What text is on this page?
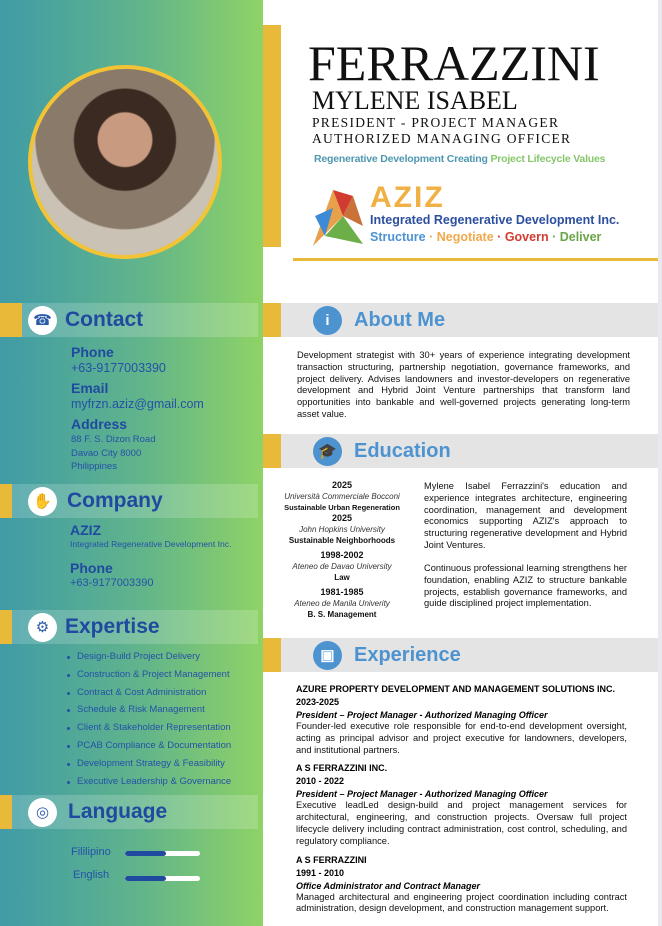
☎ Contact
Phone
+63-9177003390
Email
myfrzn.aziz@gmail.com
Address
88 F. S. Dizon Road
Davao City 8000
Philippines
✋ Company
AZIZ
Integrated Regenerative Development Inc.
Phone
+63-9177003390
⚙ Expertise
Design-Build Project Delivery
Construction & Project Management
Contract & Cost Administration
Schedule & Risk Management
Client & Stakeholder Representation
PCAB Compliance & Documentation
Development Strategy & Feasibility
Executive Leadership & Governance
◎ Language
Fililipino
English
FERRAZZINI
MYLENE ISABEL
PRESIDENT - PROJECT MANAGER
AUTHORIZED MANAGING OFFICER
Regenerative Development Creating Project Lifecycle Values
AZIZ
Integrated Regenerative Development Inc.
Structure · Negotiate · Govern · Deliver
i	About Me
Development strategist with 30+ years of experience integrating development transaction structuring, partnership negotiation, governance frameworks, and project delivery. Advises landowners and investor-developers on regenerative development and Hybrid Joint Venture partnerships that transform land opportunities into bankable and well-governed projects generating long-term asset value.
🎓 Education
2025
Università Commerciale Bocconi
Sustainable Urban Regeneration
2025
John Hopkins University
Sustainable Neighborhoods
1998-2002
Ateneo de Davao University
Law
1981-1985
Ateneo de Manila Univerity
B. S. Management
Mylene Isabel Ferrazzini's education and experience integrates architecture, engineering coordination, management and development economics supporting AZIZ's approach to structuring regenerative development and Hybrid Joint Ventures.
Continuous professional learning strengthens her foundation, enabling AZIZ to structure bankable projects, establish governance frameworks, and guide disciplined project implementation.
▣ Experience
AZURE PROPERTY DEVELOPMENT AND MANAGEMENT SOLUTIONS INC.
2023-2025
President – Project Manager - Authorized Managing Officer
Founder-led executive role responsible for end-to-end development oversight, acting as principal advisor and project executive for landowners, developers, and institutional partners.
A S FERRAZZINI INC.
2010 - 2022
President – Project Manager - Authorized Managing Officer
Executive leadLed design-build and project management services for architectural, engineering, and construction projects. Oversaw full project lifecycle delivery including contract administration, cost control, scheduling, and regulatory compliance.
A S FERRAZZINI
1991 - 2010
Office Administrator and Contract Manager
Managed architectural and engineering project coordination including contract administration, design development, and construction management support.
